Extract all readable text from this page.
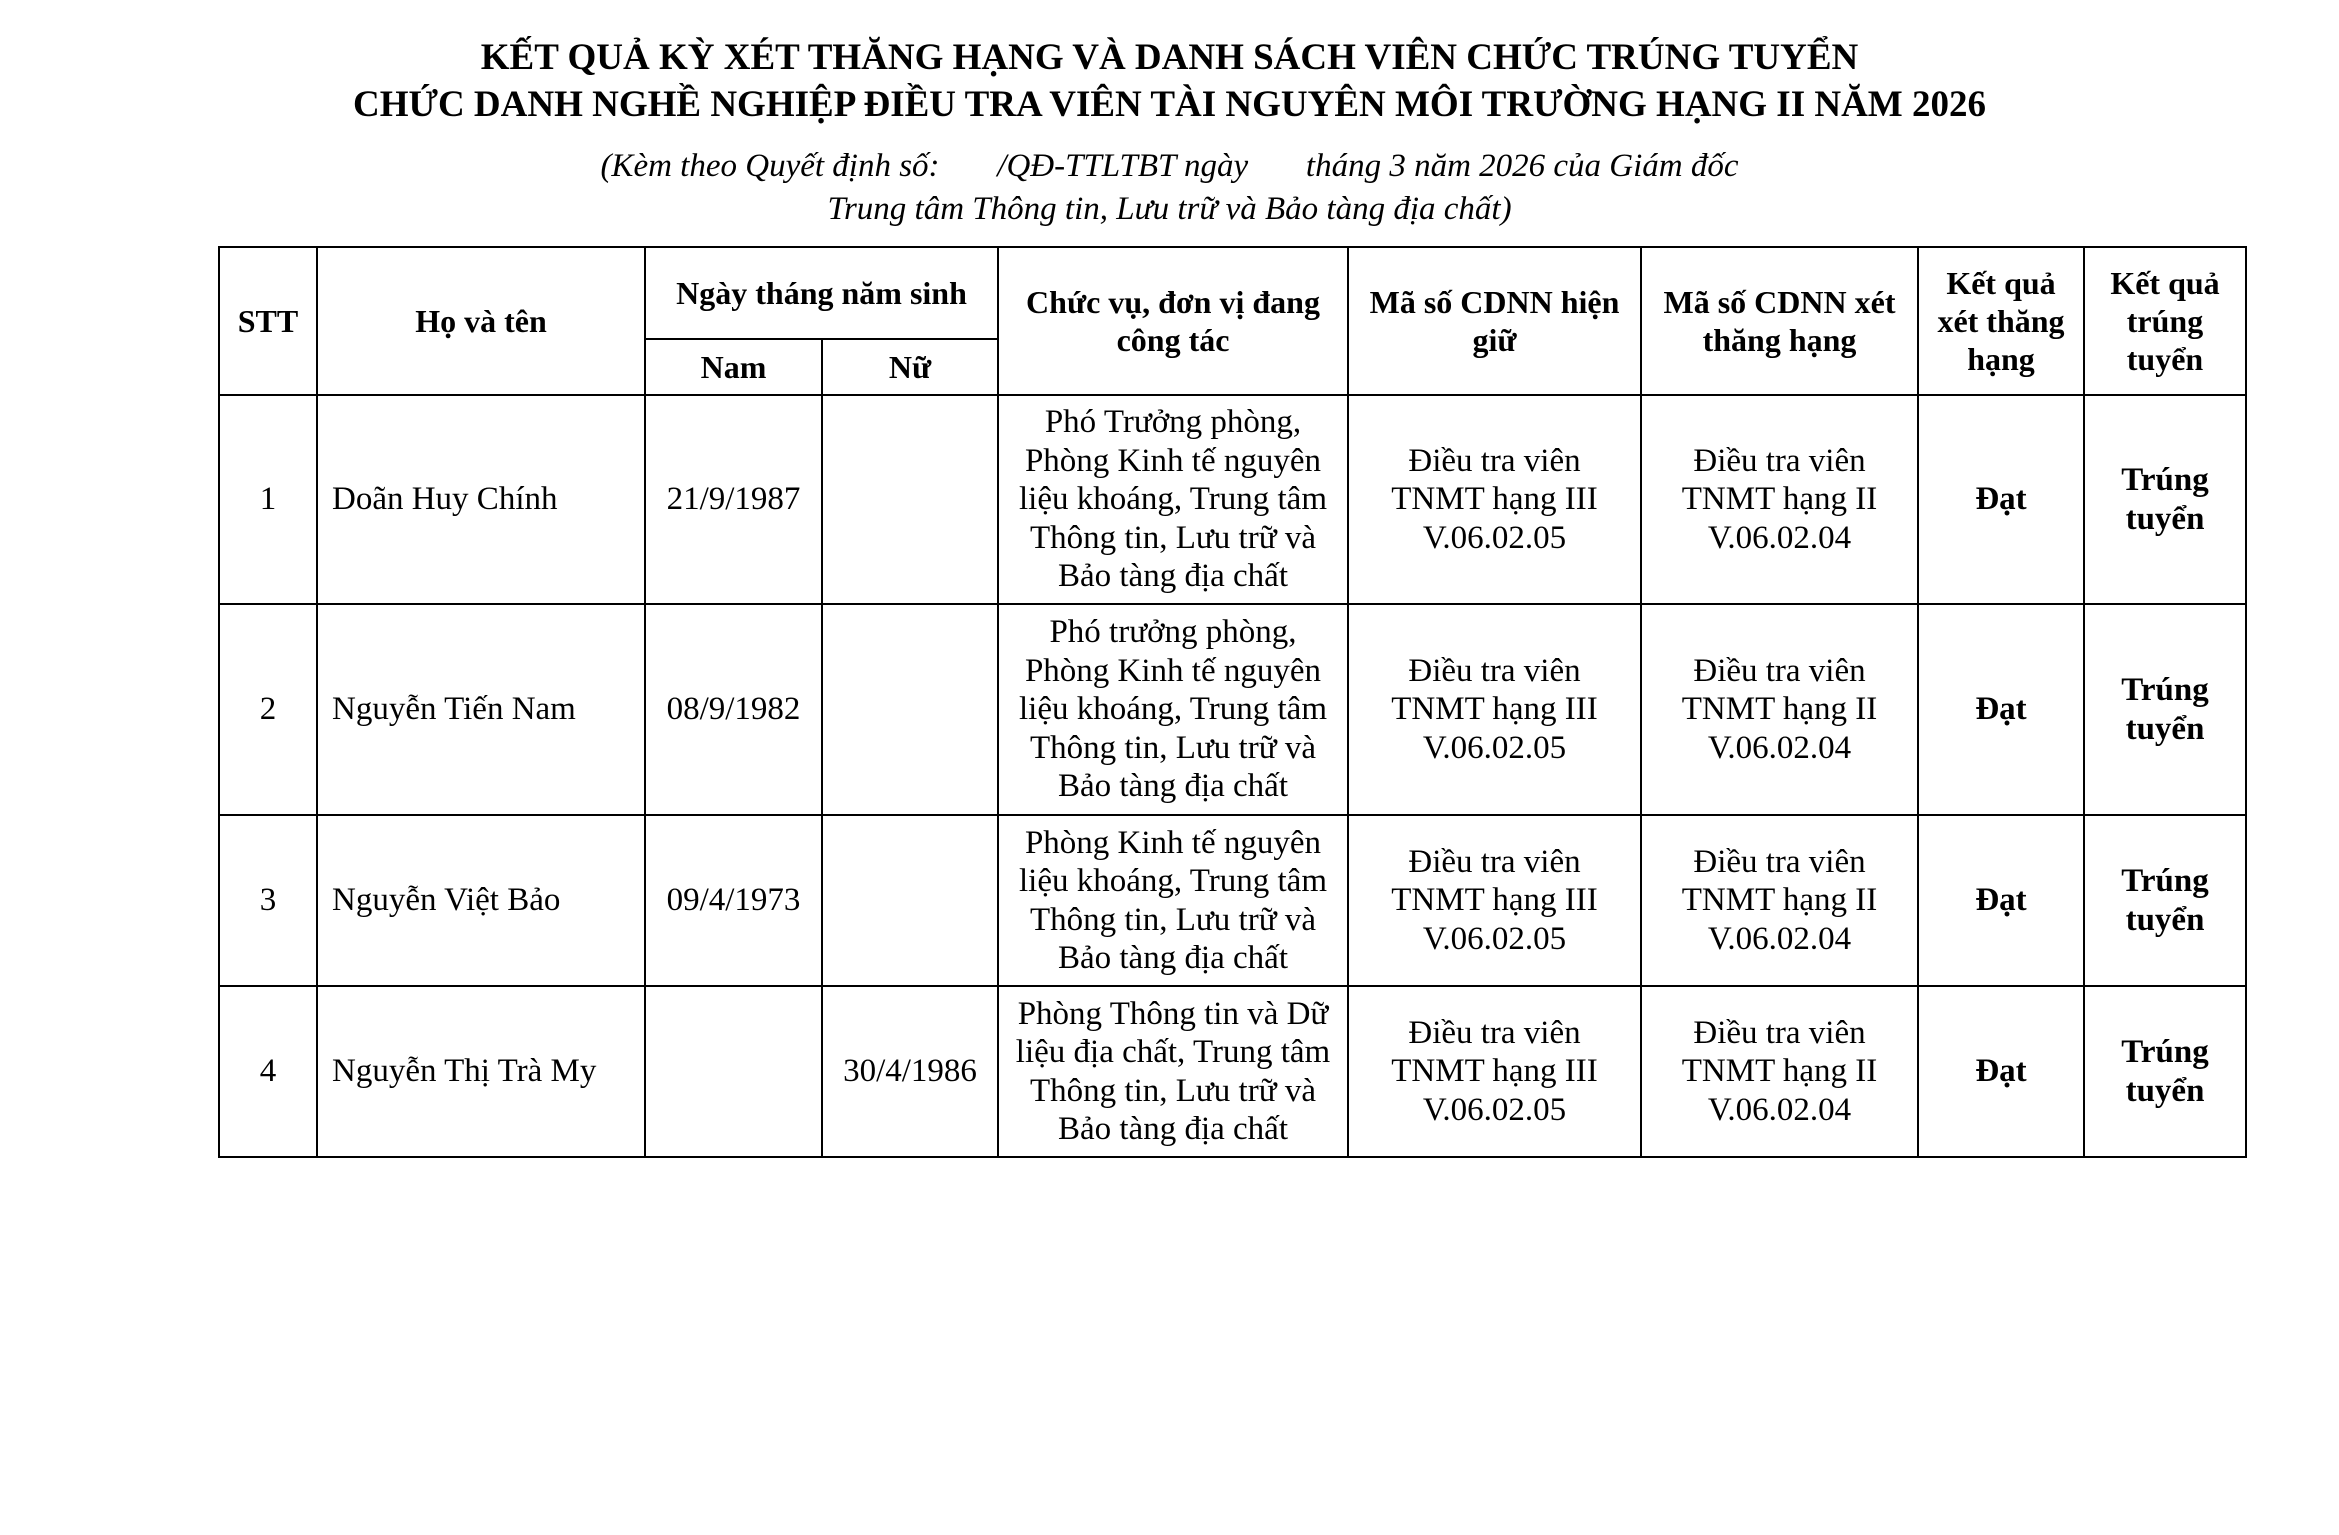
KẾT QUẢ KỲ XÉT THĂNG HẠNG VÀ DANH SÁCH VIÊN CHỨC TRÚNG TUYỂN
CHỨC DANH NGHỀ NGHIỆP ĐIỀU TRA VIÊN TÀI NGUYÊN MÔI TRƯỜNG HẠNG II NĂM 2026
(Kèm theo Quyết định số:       /QĐ-TTLTBT ngày       tháng 3 năm 2026 của Giám đốc
Trung tâm Thông tin, Lưu trữ và Bảo tàng địa chất)
STT	Họ và tên	Ngày tháng năm sinh		Chức vụ, đơn vị đang công tác	Mã số CDNN hiện giữ	Mã số CDNN xét thăng hạng	Kết quả xét thăng hạng	Kết quả trúng tuyển
		Nam	Nữ					
1	Doãn Huy Chính	21/9/1987		Phó Trưởng phòng, Phòng Kinh tế nguyên liệu khoáng, Trung tâm Thông tin, Lưu trữ và Bảo tàng địa chất	Điều tra viên TNMT hạng III V.06.02.05	Điều tra viên TNMT hạng II V.06.02.04	Đạt	Trúng tuyển
2	Nguyễn Tiến Nam	08/9/1982		Phó trưởng phòng, Phòng Kinh tế nguyên liệu khoáng, Trung tâm Thông tin, Lưu trữ và Bảo tàng địa chất	Điều tra viên TNMT hạng III V.06.02.05	Điều tra viên TNMT hạng II V.06.02.04	Đạt	Trúng tuyển
3	Nguyễn Việt Bảo	09/4/1973		Phòng Kinh tế nguyên liệu khoáng, Trung tâm Thông tin, Lưu trữ và Bảo tàng địa chất	Điều tra viên TNMT hạng III V.06.02.05	Điều tra viên TNMT hạng II V.06.02.04	Đạt	Trúng tuyển
4	Nguyễn Thị Trà My		30/4/1986	Phòng Thông tin và Dữ liệu địa chất, Trung tâm Thông tin, Lưu trữ và Bảo tàng địa chất	Điều tra viên TNMT hạng III V.06.02.05	Điều tra viên TNMT hạng II V.06.02.04	Đạt	Trúng tuyển
